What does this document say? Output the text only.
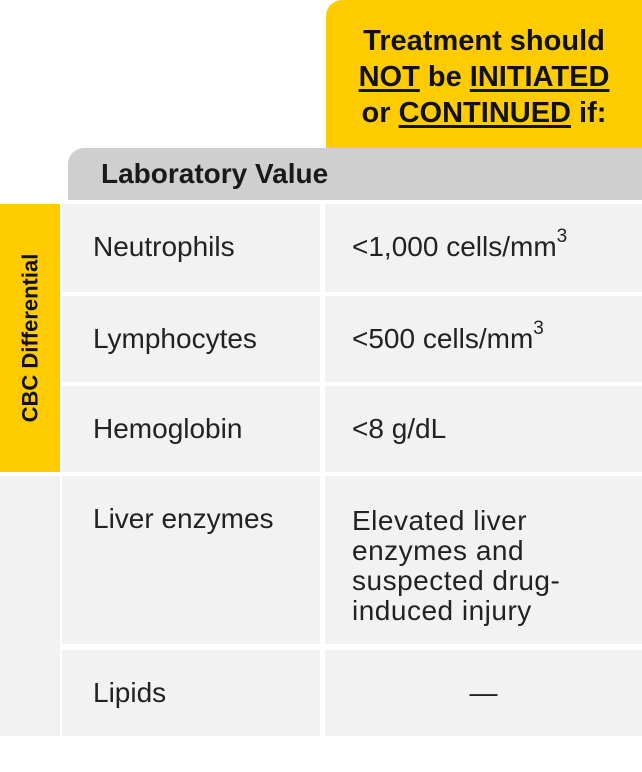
Treatment should
NOT be INITIATED
or CONTINUED if:
Laboratory Value
CBC Differential
Neutrophils	<1,000 cells/$mm^3$
Lymphocytes	<500 cells/$mm^3$
Hemoglobin	<8 g/dL
Liver enzymes	Elevated liver
enzymes and
suspected drug-
induced injury
Lipids	—
